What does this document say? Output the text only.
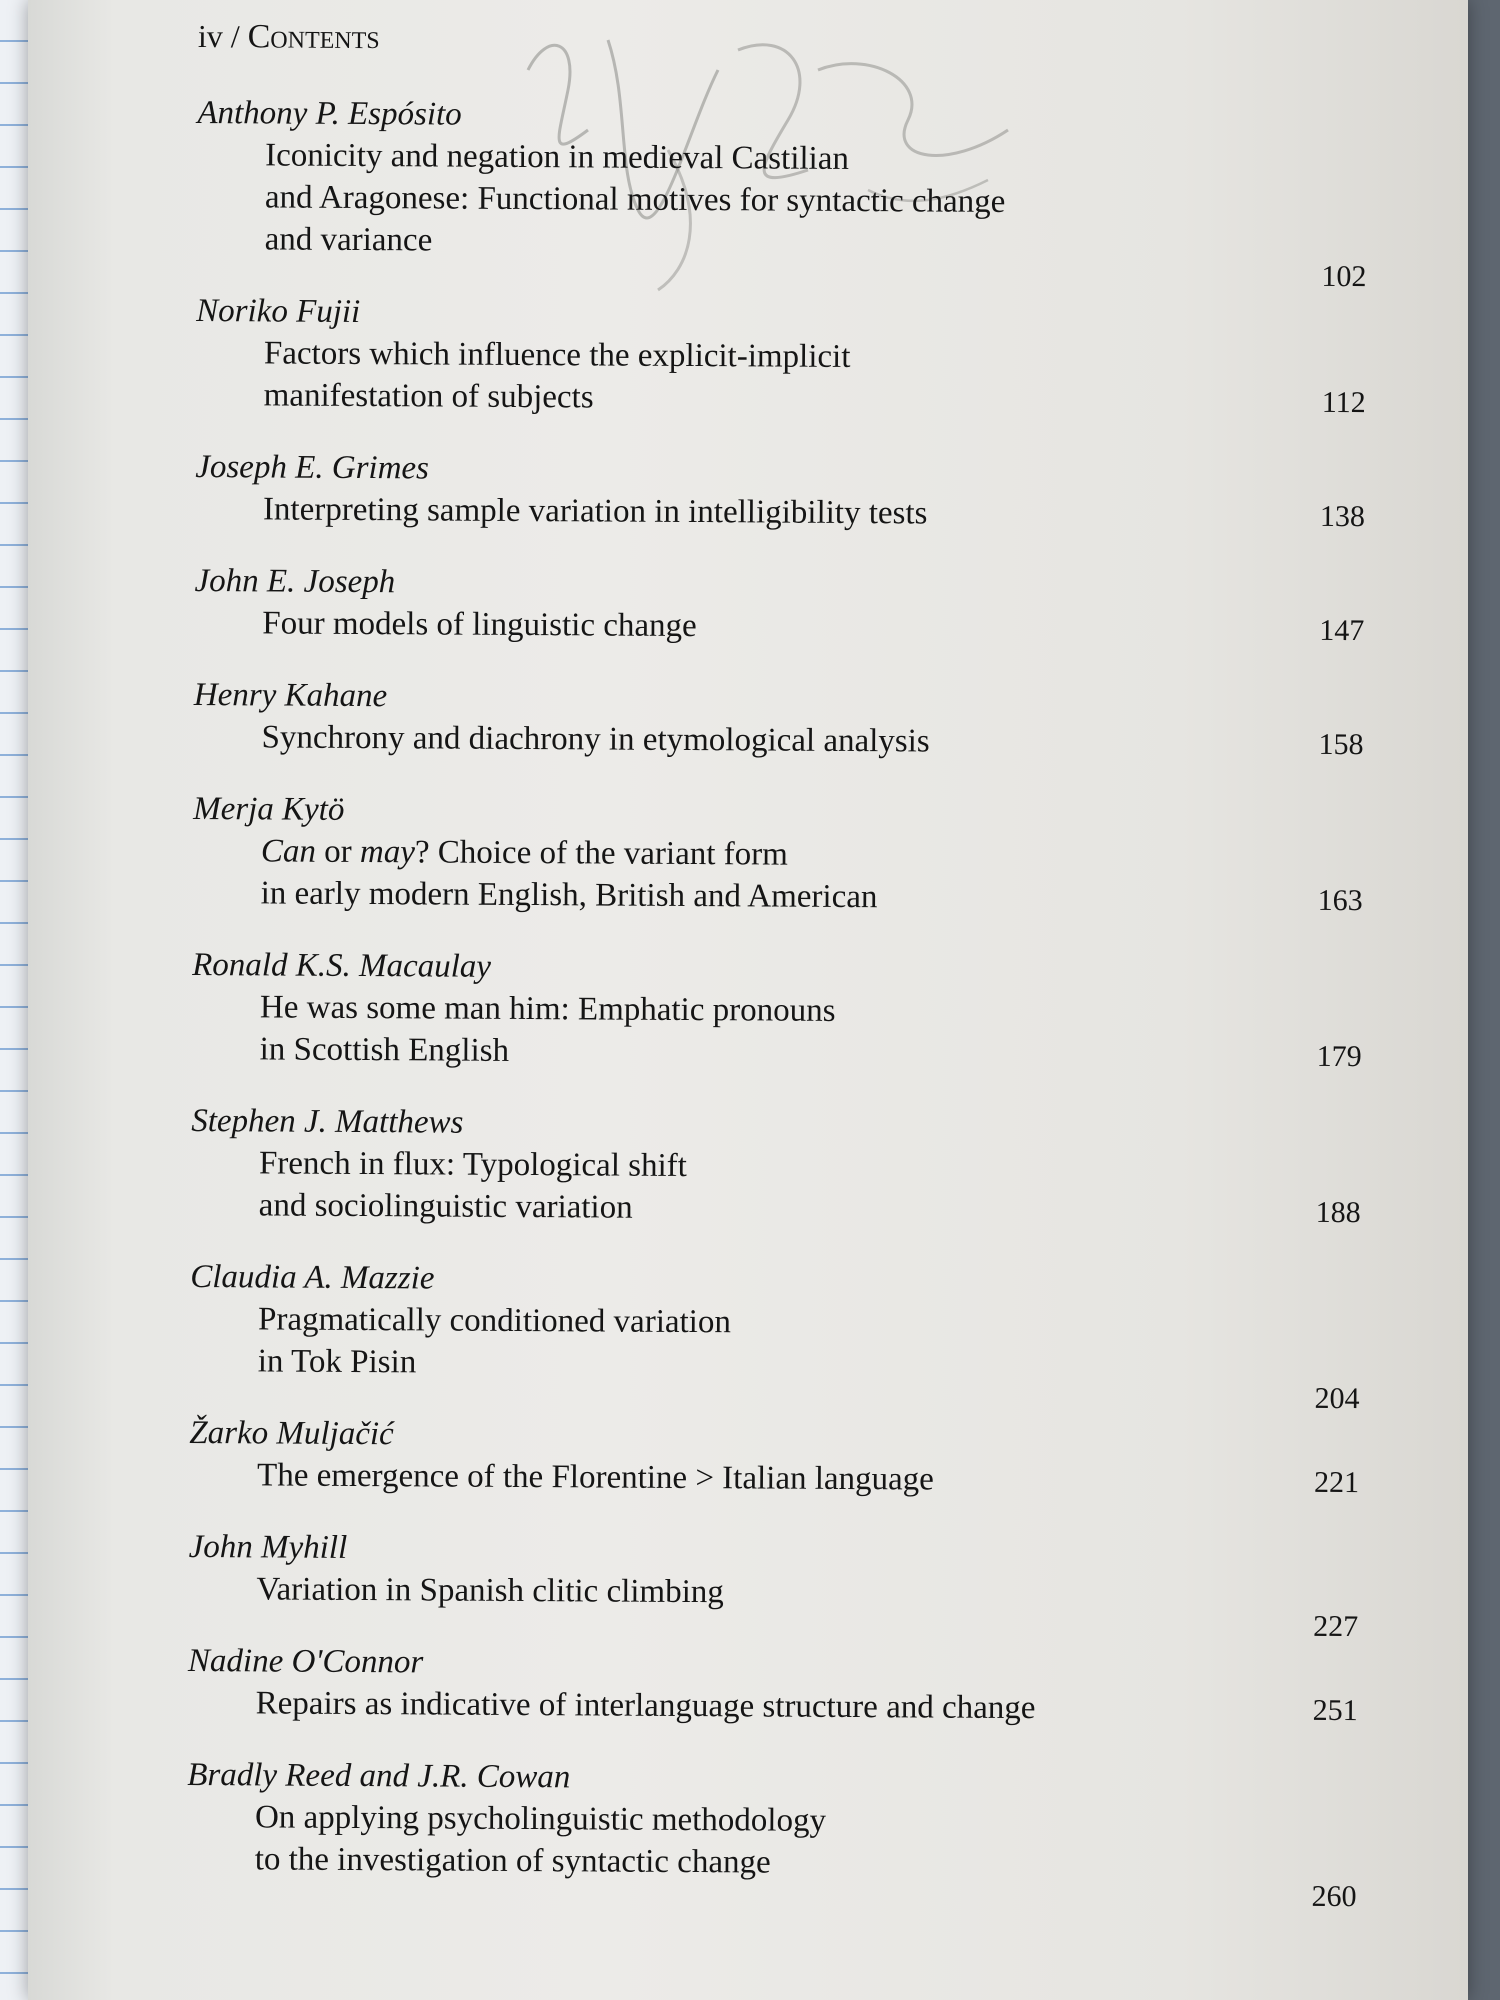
iv / Contents
Anthony P. Espósito
Iconicity and negation in medieval Castilian
and Aragonese: Functional motives for syntactic change
and variance
102
Noriko Fujii
Factors which influence the explicit-implicit
manifestation of subjects	112
Joseph E. Grimes
Interpreting sample variation in intelligibility tests	138
John E. Joseph
Four models of linguistic change	147
Henry Kahane
Synchrony and diachrony in etymological analysis	158
Merja Kytö
Can or may? Choice of the variant form
in early modern English, British and American	163
Ronald K.S. Macaulay
He was some man him: Emphatic pronouns
in Scottish English	179
Stephen J. Matthews
French in flux: Typological shift
and sociolinguistic variation	188
Claudia A. Mazzie
Pragmatically conditioned variation
in Tok Pisin
204
Žarko Muljačić
The emergence of the Florentine > Italian language	221
John Myhill
Variation in Spanish clitic climbing
227
Nadine O'Connor
Repairs as indicative of interlanguage structure and change	251
Bradly Reed and J.R. Cowan
On applying psycholinguistic methodology
to the investigation of syntactic change
260
